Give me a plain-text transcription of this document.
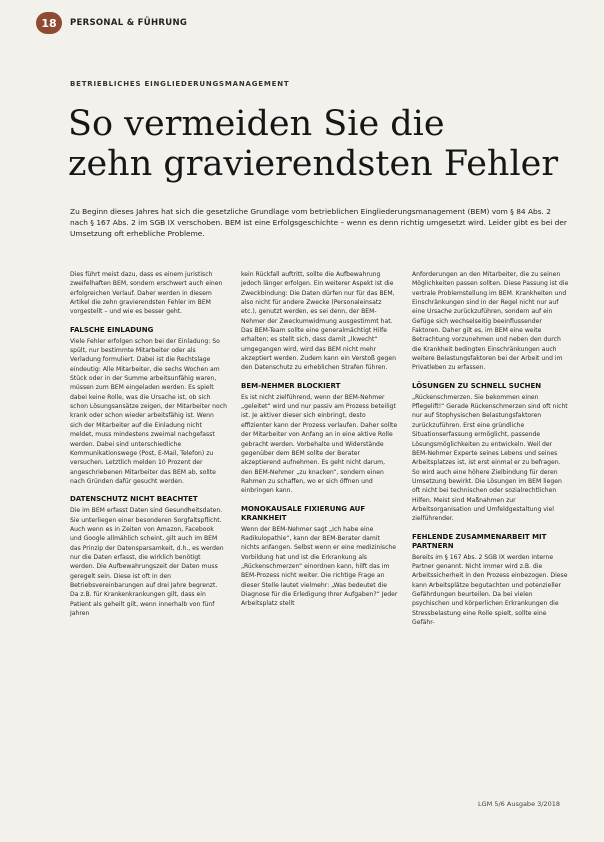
18	PERSONAL & FÜHRUNG
BETRIEBLICHES EINGLIEDERUNGSMANAGEMENT
So vermeiden Sie die
zehn gravierendsten Fehler

Zu Beginn dieses Jahres hat sich die gesetzliche Grundlage vom betrieblichen Eingliederungsmanagement (BEM) vom § 84 Abs. 2 nach § 167 Abs. 2 im SGB IX verschoben. BEM ist eine Erfolgsgeschichte – wenn es denn richtig umgesetzt wird. Leider gibt es bei der Umsetzung oft erhebliche Probleme.

Dies führt meist dazu, dass es einem juristisch zweifelhaften BEM, sondern erschwert auch einen erfolgreichen Verlauf. Daher werden in diesem Artikel die zehn gravierendsten Fehler im BEM vorgestellt – und wie es besser geht.

FALSCHE EINLADUNG

Viele Fehler erfolgen schon bei der Einladung: So spült, nur bestimmte Mitarbeiter oder als Verladung formuliert. Dabei ist die Rechtslage eindeutig: Alle Mitarbeiter, die sechs Wochen am Stück oder in der Summe arbeitsunfähig waren, müssen zum BEM eingeladen werden. Es spielt dabei keine Rolle, was die Ursache ist, ob sich schon Lösungsansätze zeigen, der Mitarbeiter noch krank oder schon wieder arbeitsfähig ist. Wenn sich der Mitarbeiter auf die Einladung nicht meldet, muss mindestens zweimal nachgefasst werden. Dabei sind unterschiedliche Kommunikationswege (Post, E-Mail, Telefon) zu versuchen. Letztlich melden 10 Prozent der angeschriebenen Mitarbeiter das BEM ab, sollte nach Gründen dafür gesucht werden.

DATENSCHUTZ NICHT BEACHTET

Die im BEM erfasst Daten sind Gesundheitsdaten. Sie unterliegen einer besonderen Sorgfaltspflicht. Auch wenn es in Zeiten von Amazon, Facebook und Google allmählich scheint, gilt auch im BEM das Prinzip der Datensparsamkeit, d.h., es werden nur die Daten erfasst, die wirklich benötigt werden. Die Aufbewahrungszeit der Daten muss geregelt sein. Diese ist oft in den Betriebsvereinbarungen auf drei Jahre begrenzt. Da z.B. für Krankenkrankungen gilt, dass ein Patient als geheilt gilt, wenn innerhalb von fünf Jahren

kein Rückfall auftritt, sollte die Aufbewahrung jedoch länger erfolgen. Ein weiterer Aspekt ist die Zweckbindung: Die Daten dürfen nur für das BEM, also nicht für andere Zwecke (Personaleinsatz etc.), genutzt werden, es sei denn, der BEM-Nehmer der Zweckumwidmung ausgestimmt hat. Das BEM-Team sollte eine generalmächtigt Hilfe erhalten; es stellt sich, dass damit „lkwecht“ umgegangen wird, wird das BEM nicht mehr akzeptiert werden. Zudem kann ein Verstoß gegen den Datenschutz zu erheblichen Strafen führen.

BEM-NEHMER BLOCKIERT

Es ist nicht zielführend, wenn der BEM-Nehmer „geleitet“ wird und nur passiv am Prozess beteiligt ist. Je aktiver dieser sich einbringt, desto effizienter kann der Prozess verlaufen. Daher sollte der Mitarbeiter von Anfang an in eine aktive Rolle gebracht werden. Vorbehalte und Widerstände gegenüber dem BEM sollte der Berater akzeptierend aufnehmen. Es geht nicht darum, den BEM-Nehmer „zu knacken“, sondern einen Rahmen zu schaffen, wo er sich öffnen und einbringen kann.

MONOKAUSALE FIXIERUNG AUF KRANKHEIT

Wenn der BEM-Nehmer sagt „Ich habe eine Radikulopathie“, kann der BEM-Berater damit nichts anfangen. Selbst wenn er eine medizinische Vorbildung hat und ist die Erkrankung als „Rückenschmerzen“ einordnen kann, hilft das im BEM-Prozess nicht weiter. Die richtige Frage an dieser Stelle lautet vielmehr: „Was bedeutet die Diagnose für die Erledigung Ihrer Aufgaben?“ Jeder Arbeitsplatz stellt

Anforderungen an den Mitarbeiter, die zu seinen Möglichkeiten passen sollten. Diese Passung ist die vertrale Problemstellung im BEM. Krankheiten und Einschränkungen sind in der Regel nicht nur auf eine Ursache zurückzuführen, sondern auf ein Gefüge sich wechselseitig beeinflussender Faktoren. Daher gilt es, im BEM eine weite Betrachtung vorzunehmen und neben den durch die Krankheit bedingten Einschränkungen auch weitere Belastungsfaktoren bei der Arbeit und im Privatleben zu erfassen.

LÖSUNGEN ZU SCHNELL SUCHEN

„Rückenschmerzen. Sie bekommen einen Pflegelift!“ Gerade Rückenschmerzen sind oft nicht nur auf Stophysischen Belastungsfaktoren zurückzuführen. Erst eine gründliche Situationserfassung ermöglicht, passende Lösungsmöglichkeiten zu entwickeln. Weil der BEM-Nehmer Experte seines Lebens und seines Arbeitsplatzes ist, ist erst einmal er zu befragen. So wird auch eine höhere Zielbindung für deren Umsetzung bewirkt. Die Lösungen im BEM liegen oft nicht bei technischen oder sozialrechtlichen Hilfen. Meist sind Maßnahmen zur Arbeitsorganisation und Umfeldgestaltung viel zielführender.

FEHLENDE ZUSAMMENARBEIT MIT PARTNERN

Bereits im § 167 Abs. 2 SGB IX werden interne Partner genannt. Nicht immer wird z.B. die Arbeitssicherheit in den Prozess einbezogen. Diese kann Arbeitsplätze begutachten und potenzieller Gefährdungen beurteilen. Da bei vielen psychischen und körperlichen Erkrankungen die Stressbelastung eine Rolle spielt, sollte eine Gefähr-

LGM 5/6 Ausgabe 3/2018
